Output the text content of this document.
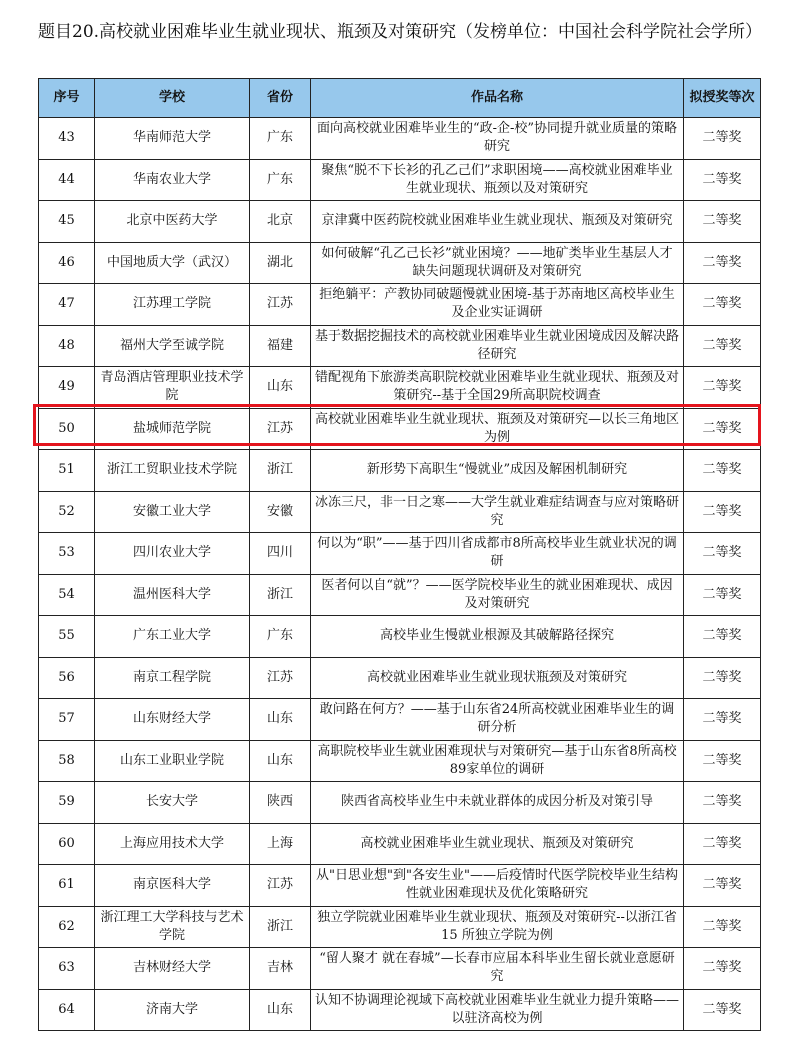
题目20.高校就业困难毕业生就业现状、瓶颈及对策研究（发榜单位：中国社会科学院社会学所）
序号	学校	省份	作品名称	拟授奖等次
43	华南师范大学	广东	面向高校就业困难毕业生的“政-企-校”协同提升就业质量的策略研究	二等奖
44	华南农业大学	广东	聚焦“脱不下长衫的孔乙己们”求职困境——高校就业困难毕业生就业现状、瓶颈以及对策研究	二等奖
45	北京中医药大学	北京	京津冀中医药院校就业困难毕业生就业现状、瓶颈及对策研究	二等奖
46	中国地质大学（武汉）	湖北	如何破解“孔乙己长衫”就业困境？——地矿类毕业生基层人才缺失问题现状调研及对策研究	二等奖
47	江苏理工学院	江苏	拒绝躺平：产教协同破题慢就业困境-基于苏南地区高校毕业生及企业实证调研	二等奖
48	福州大学至诚学院	福建	基于数据挖掘技术的高校就业困难毕业生就业困境成因及解决路径研究	二等奖
49	青岛酒店管理职业技术学院	山东	错配视角下旅游类高职院校就业困难毕业生就业现状、瓶颈及对策研究--基于全国29所高职院校调查	二等奖
50	盐城师范学院	江苏	高校就业困难毕业生就业现状、瓶颈及对策研究—以长三角地区为例	二等奖
51	浙江工贸职业技术学院	浙江	新形势下高职生“慢就业”成因及解困机制研究	二等奖
52	安徽工业大学	安徽	冰冻三尺，非一日之寒——大学生就业难症结调查与应对策略研究	二等奖
53	四川农业大学	四川	何以为“职”——基于四川省成都市8所高校毕业生就业状况的调研	二等奖
54	温州医科大学	浙江	医者何以自“就”？——医学院校毕业生的就业困难现状、成因及对策研究	二等奖
55	广东工业大学	广东	高校毕业生慢就业根源及其破解路径探究	二等奖
56	南京工程学院	江苏	高校就业困难毕业生就业现状瓶颈及对策研究	二等奖
57	山东财经大学	山东	敢问路在何方？——基于山东省24所高校就业困难毕业生的调研分析	二等奖
58	山东工业职业学院	山东	高职院校毕业生就业困难现状与对策研究—基于山东省8所高校89家单位的调研	二等奖
59	长安大学	陕西	陕西省高校毕业生中未就业群体的成因分析及对策引导	二等奖
60	上海应用技术大学	上海	高校就业困难毕业生就业现状、瓶颈及对策研究	二等奖
61	南京医科大学	江苏	从"日思业想"到"各安生业"——后疫情时代医学院校毕业生结构性就业困难现状及优化策略研究	二等奖
62	浙江理工大学科技与艺术学院	浙江	独立学院就业困难毕业生就业现状、瓶颈及对策研究--以浙江省 15 所独立学院为例	二等奖
63	吉林财经大学	吉林	“留人聚才 就在春城”—长春市应届本科毕业生留长就业意愿研究	二等奖
64	济南大学	山东	认知不协调理论视域下高校就业困难毕业生就业力提升策略——以驻济高校为例	二等奖
